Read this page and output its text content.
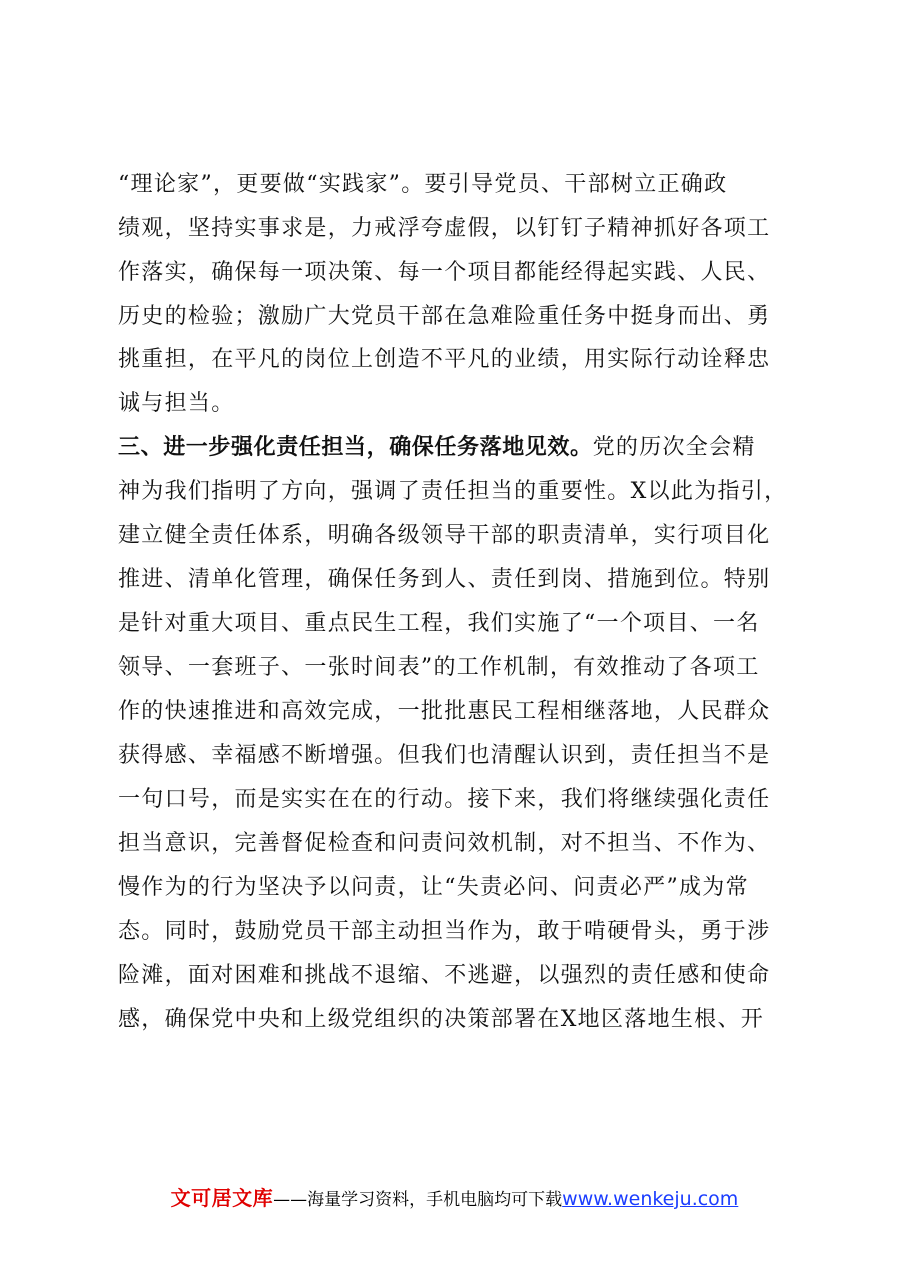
“理论家”，更要做“实践家”。要引导党员、干部树立正确政
绩观，坚持实事求是，力戒浮夸虚假，以钉钉子精神抓好各项工
作落实，确保每一项决策、每一个项目都能经得起实践、人民、
历史的检验；激励广大党员干部在急难险重任务中挺身而出、勇
挑重担，在平凡的岗位上创造不平凡的业绩，用实际行动诠释忠
诚与担当。
三、进一步强化责任担当，确保任务落地见效。党的历次全会精
神为我们指明了方向，强调了责任担当的重要性。X以此为指引，
建立健全责任体系，明确各级领导干部的职责清单，实行项目化
推进、清单化管理，确保任务到人、责任到岗、措施到位。特别
是针对重大项目、重点民生工程，我们实施了“一个项目、一名
领导、一套班子、一张时间表”的工作机制，有效推动了各项工
作的快速推进和高效完成，一批批惠民工程相继落地，人民群众
获得感、幸福感不断增强。但我们也清醒认识到，责任担当不是
一句口号，而是实实在在的行动。接下来，我们将继续强化责任
担当意识，完善督促检查和问责问效机制，对不担当、不作为、
慢作为的行为坚决予以问责，让“失责必问、问责必严”成为常
态。同时，鼓励党员干部主动担当作为，敢于啃硬骨头，勇于涉
险滩，面对困难和挑战不退缩、不逃避，以强烈的责任感和使命
感，确保党中央和上级党组织的决策部署在X地区落地生根、开
文可居文库——海量学习资料，手机电脑均可下载www.wenkeju.com
